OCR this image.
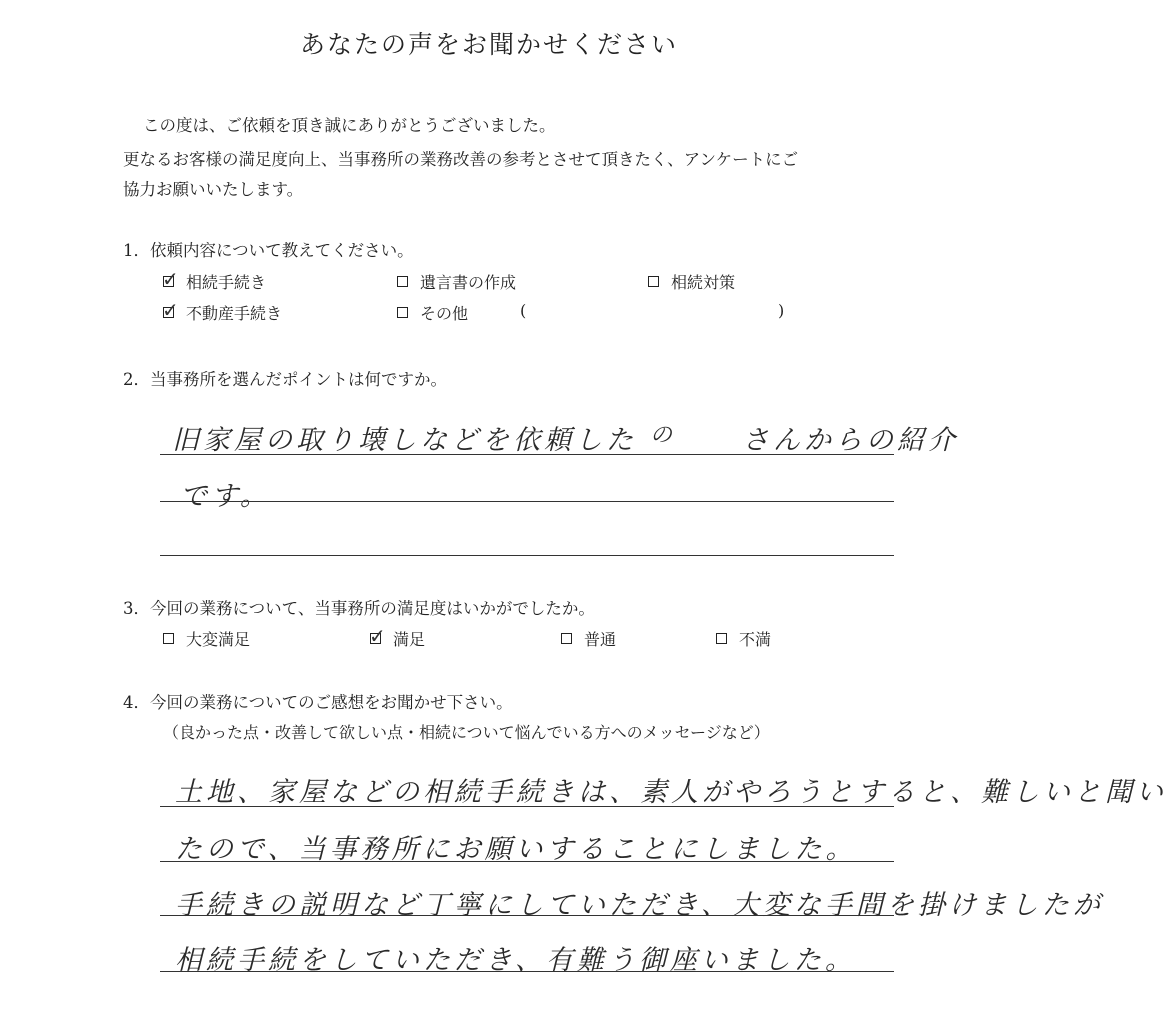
あなたの声をお聞かせください
この度は、ご依頼を頂き誠にありがとうございました。
更なるお客様の満足度向上、当事務所の業務改善の参考とさせて頂きたく、アンケートにご
協力お願いいたします。
1．依頼内容について教えてください。
✓ 相続手続き	遺言書の作成	相続対策
✓ 不動産手続き	その他	(	)
2．当事務所を選んだポイントは何ですか。
旧家屋の取り壊しなどを依頼した の さんからの紹介
です。
3．今回の業務について、当事務所の満足度はいかがでしたか。
大変満足	✓ 満足	普通	不満
4．今回の業務についてのご感想をお聞かせ下さい。
（良かった点・改善して欲しい点・相続について悩んでいる方へのメッセージなど）
土地、家屋などの相続手続きは、素人がやろうとすると、難しいと聞い
たので、当事務所にお願いすることにしました。
手続きの説明など丁寧にしていただき、大変な手間を掛けましたが
相続手続をしていただき、有難う御座いました。
